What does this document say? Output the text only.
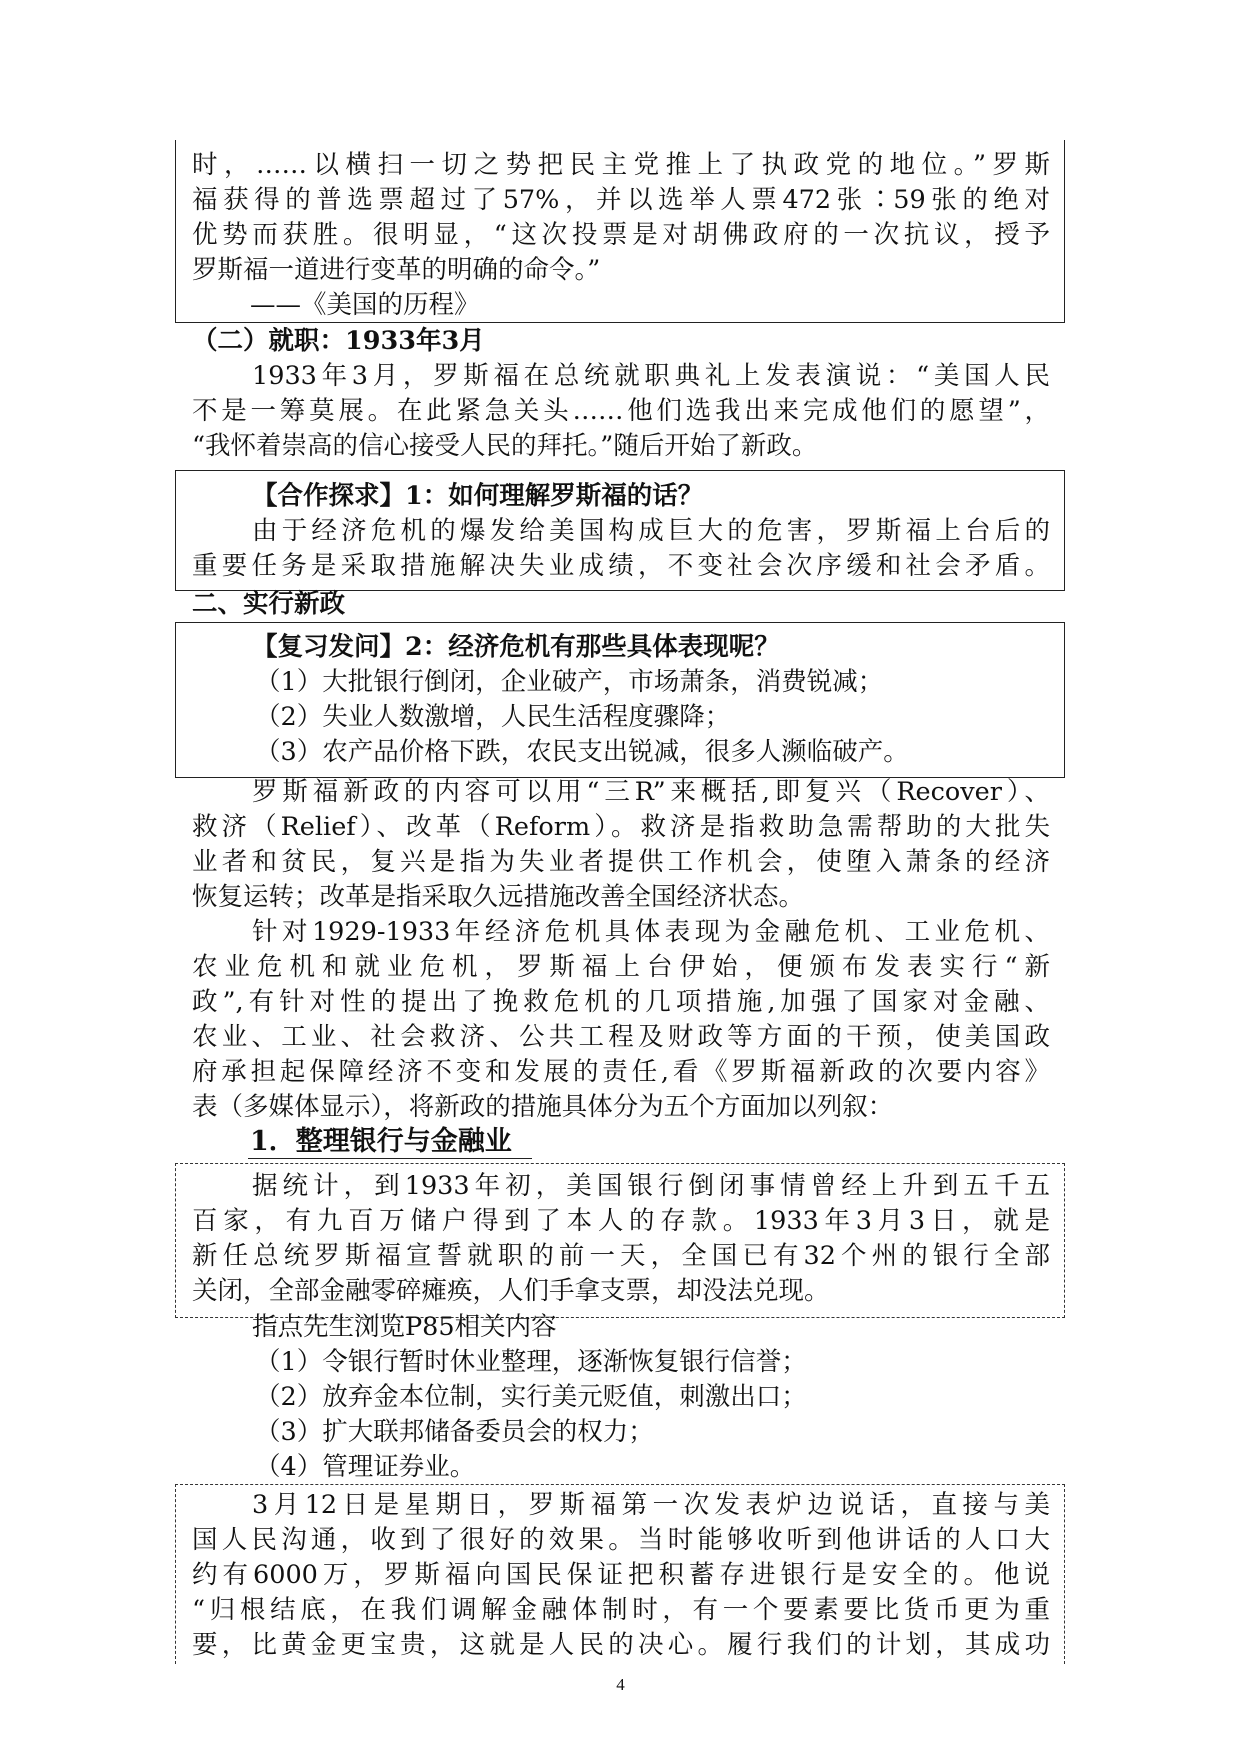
时，……以横扫一切之势把民主党推上了执政党的地位。”罗斯
福获得的普选票超过了57%，并以选举人票472张∶59张的绝对
优势而获胜。很明显，“这次投票是对胡佛政府的一次抗议，授予
罗斯福一道进行变革的明确的命令。”
——《美国的历程》
（二）就职：1933年3月
1933年3月，罗斯福在总统就职典礼上发表演说：“美国人民
不是一筹莫展。在此紧急关头……他们选我出来完成他们的愿望”，
“我怀着崇高的信心接受人民的拜托。”随后开始了新政。
【合作探求】1：如何理解罗斯福的话？
由于经济危机的爆发给美国构成巨大的危害，罗斯福上台后的
重要任务是采取措施解决失业成绩，不变社会次序缓和社会矛盾。
二、实行新政
【复习发问】2：经济危机有那些具体表现呢？
（1）大批银行倒闭，企业破产，市场萧条，消费锐减；
（2）失业人数激增，人民生活程度骤降；
（3）农产品价格下跌，农民支出锐减，很多人濒临破产。
罗斯福新政的内容可以用“三R”来概括,即复兴（Recover）、
救济（Relief）、改革（Reform）。救济是指救助急需帮助的大批失
业者和贫民，复兴是指为失业者提供工作机会，使堕入萧条的经济
恢复运转；改革是指采取久远措施改善全国经济状态。
针对1929-1933年经济危机具体表现为金融危机、工业危机、
农业危机和就业危机，罗斯福上台伊始，便颁布发表实行“新
政”,有针对性的提出了挽救危机的几项措施,加强了国家对金融、
农业、工业、社会救济、公共工程及财政等方面的干预，使美国政
府承担起保障经济不变和发展的责任,看《罗斯福新政的次要内容》
表（多媒体显示），将新政的措施具体分为五个方面加以列叙：
1．整理银行与金融业
据统计，到1933年初，美国银行倒闭事情曾经上升到五千五
百家，有九百万储户得到了本人的存款。1933年3月3日，就是
新任总统罗斯福宣誓就职的前一天，全国已有32个州的银行全部
关闭，全部金融零碎瘫痪，人们手拿支票，却没法兑现。
指点先生浏览P85相关内容
（1）令银行暂时休业整理，逐渐恢复银行信誉；
（2）放弃金本位制，实行美元贬值，刺激出口；
（3）扩大联邦储备委员会的权力；
（4）管理证券业。
3月12日是星期日，罗斯福第一次发表炉边说话，直接与美
国人民沟通，收到了很好的效果。当时能够收听到他讲话的人口大
约有6000万，罗斯福向国民保证把积蓄存进银行是安全的。他说
“归根结底，在我们调解金融体制时，有一个要素要比货币更为重
要，比黄金更宝贵，这就是人民的决心。履行我们的计划，其成功
4
